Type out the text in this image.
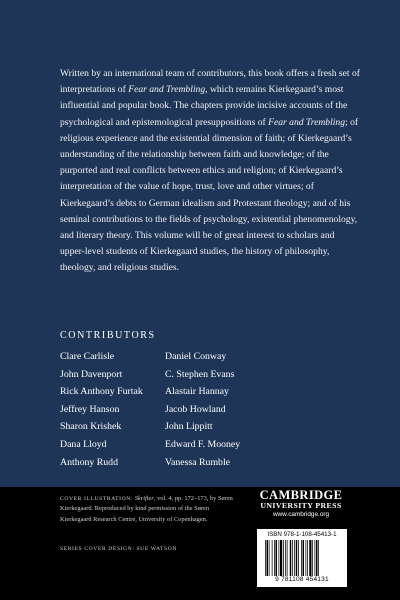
Written by an international team of contributors, this book offers a fresh set of interpretations of Fear and Trembling, which remains Kierkegaard’s most influential and popular book. The chapters provide incisive accounts of the psychological and epistemological presuppositions of Fear and Trembling; of religious experience and the existential dimension of faith; of Kierkegaard’s understanding of the relationship between faith and knowledge; of the purported and real conflicts between ethics and religion; of Kierkegaard’s interpretation of the value of hope, trust, love and other virtues; of Kierkegaard’s debts to German idealism and Protestant theology; and of his seminal contributions to the fields of psychology, existential phenomenology, and literary theory. This volume will be of great interest to scholars and upper-level students of Kierkegaard studies, the history of philosophy, theology, and religious studies.
CONTRIBUTORS
Clare Carlisle
John Davenport
Rick Anthony Furtak
Jeffrey Hanson
Sharon Krishek
Dana Lloyd
Anthony Rudd
Daniel Conway
C. Stephen Evans
Alastair Hannay
Jacob Howland
John Lippitt
Edward F. Mooney
Vanessa Rumble
COVER ILLUSTRATION: Skrifter, vol. 4, pp. 172–173, by Søren Kierkegaard. Reproduced by kind permission of the Søren Kierkegaard Research Centre, University of Copenhagen.
SERIES COVER DESIGN: SUE WATSON
CAMBRIDGE
UNIVERSITY PRESS
www.cambridge.org
ISBN 978-1-108-45413-1
9 781108 454131
